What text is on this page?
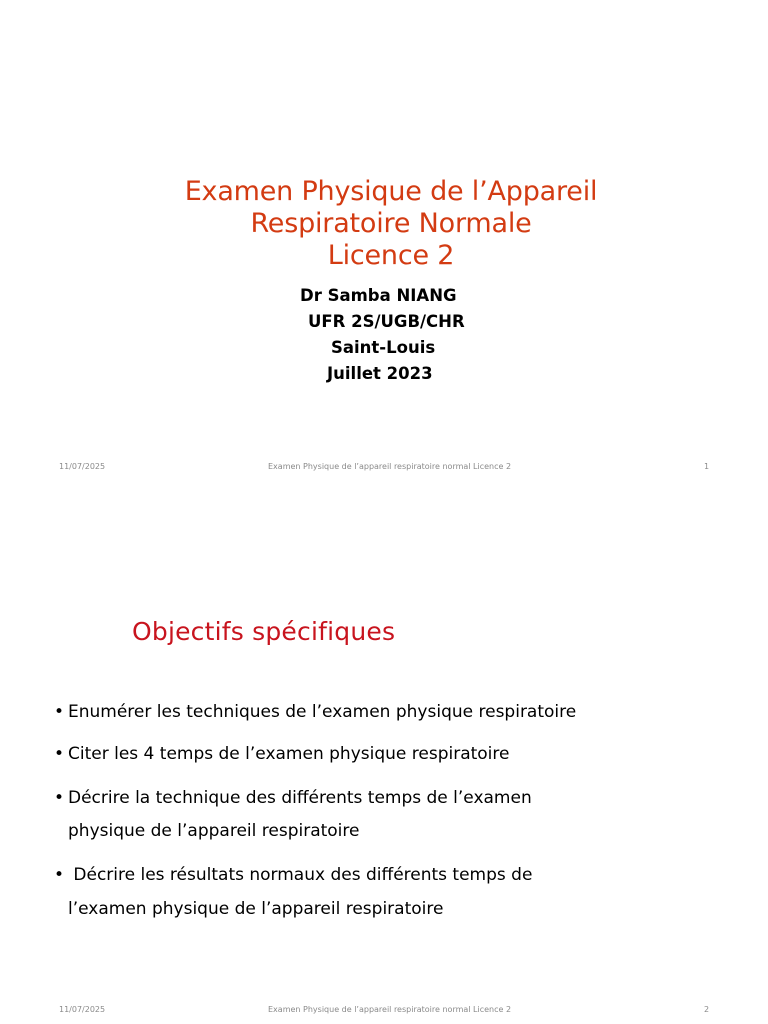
Examen Physique de l’Appareil
Respiratoire Normale
Licence 2
Dr Samba NIANG
UFR 2S/UGB/CHR
Saint-Louis
Juillet 2023
11/07/2025	Examen Physique de l’appareil respiratoire normal Licence 2	1
Objectifs spécifiques
• Enumérer les techniques de l’examen physique respiratoire
• Citer les 4 temps de l’examen physique respiratoire
• Décrire la technique des différents temps de l’examen
physique de l’appareil respiratoire
• Décrire les résultats normaux des différents temps de
l’examen physique de l’appareil respiratoire
11/07/2025	Examen Physique de l’appareil respiratoire normal Licence 2	2
